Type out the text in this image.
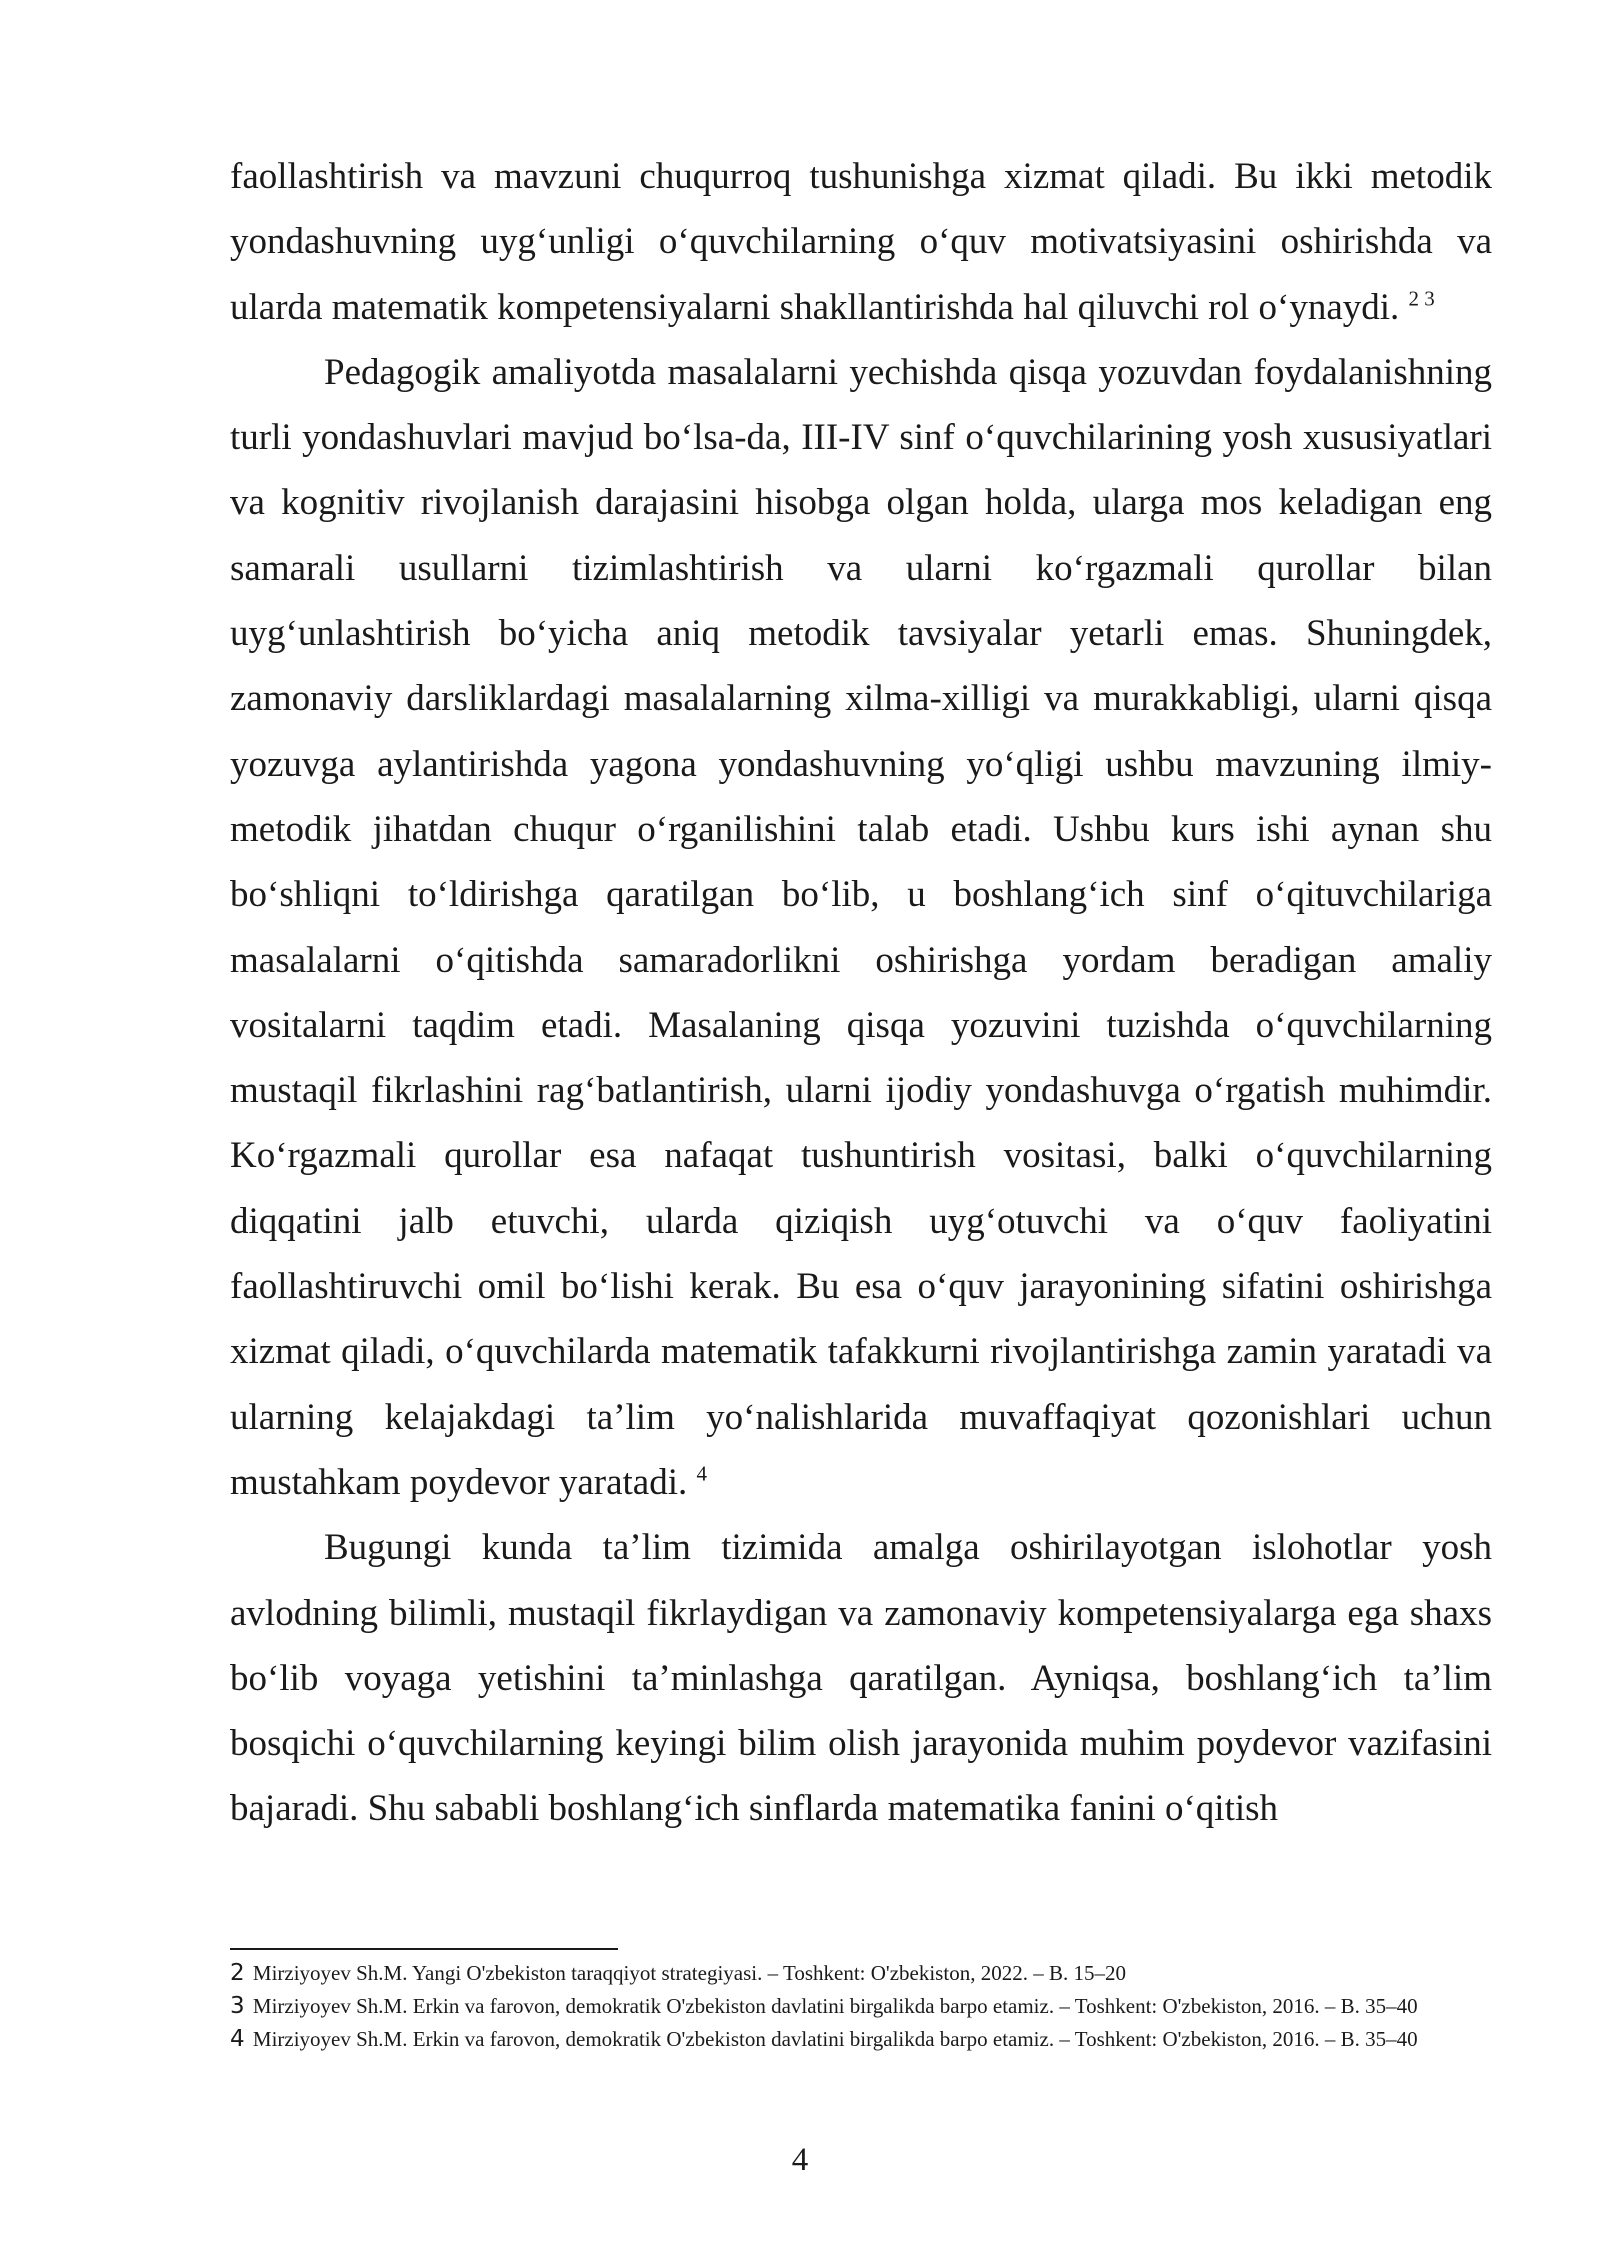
faollashtirish va mavzuni chuqurroq tushunishga xizmat qiladi. Bu ikki metodik yondashuvning uyg‘unligi o‘quvchilarning o‘quv motivatsiyasini oshirishda va ularda matematik kompetensiyalarni shakllantirishda hal qiluvchi rol o‘ynaydi. $^{2 3}$

Pedagogik amaliyotda masalalarni yechishda qisqa yozuvdan foydalanishning turli yondashuvlari mavjud bo‘lsa-da, III-IV sinf o‘quvchilarining yosh xususiyatlari va kognitiv rivojlanish darajasini hisobga olgan holda, ularga mos keladigan eng samarali usullarni tizimlashtirish va ularni ko‘rgazmali qurollar bilan uyg‘unlashtirish bo‘yicha aniq metodik tavsiyalar yetarli emas. Shuningdek, zamonaviy darsliklardagi masalalarning xilma-xilligi va murakkabligi, ularni qisqa yozuvga aylantirishda yagona yondashuvning yo‘qligi ushbu mavzuning ilmiy-metodik jihatdan chuqur o‘rganilishini talab etadi. Ushbu kurs ishi aynan shu bo‘shliqni to‘ldirishga qaratilgan bo‘lib, u boshlang‘ich sinf o‘qituvchilariga masalalarni o‘qitishda samaradorlikni oshirishga yordam beradigan amaliy vositalarni taqdim etadi. Masalaning qisqa yozuvini tuzishda o‘quvchilarning mustaqil fikrlashini rag‘batlantirish, ularni ijodiy yondashuvga o‘rgatish muhimdir. Ko‘rgazmali qurollar esa nafaqat tushuntirish vositasi, balki o‘quvchilarning diqqatini jalb etuvchi, ularda qiziqish uyg‘otuvchi va o‘quv faoliyatini faollashtiruvchi omil bo‘lishi kerak. Bu esa o‘quv jarayonining sifatini oshirishga xizmat qiladi, o‘quvchilarda matematik tafakkurni rivojlantirishga zamin yaratadi va ularning kelajakdagi ta’lim yo‘nalishlarida muvaffaqiyat qozonishlari uchun mustahkam poydevor yaratadi. $^4$

Bugungi kunda ta’lim tizimida amalga oshirilayotgan islohotlar yosh avlodning bilimli, mustaqil fikrlaydigan va zamonaviy kompetensiyalarga ega shaxs bo‘lib voyaga yetishini ta’minlashga qaratilgan. Ayniqsa, boshlang‘ich ta’lim bosqichi o‘quvchilarning keyingi bilim olish jarayonida muhim poydevor vazifasini bajaradi. Shu sababli boshlang‘ich sinflarda matematika fanini o‘qitish

2 Mirziyoyev Sh.M. Yangi O'zbekiston taraqqiyot strategiyasi. – Toshkent: O'zbekiston, 2022. – B. 15–20

3 Mirziyoyev Sh.M. Erkin va farovon, demokratik O'zbekiston davlatini birgalikda barpo etamiz. – Toshkent: O'zbekiston, 2016. – B. 35–40

4 Mirziyoyev Sh.M. Erkin va farovon, demokratik O'zbekiston davlatini birgalikda barpo etamiz. – Toshkent: O'zbekiston, 2016. – B. 35–40

4
